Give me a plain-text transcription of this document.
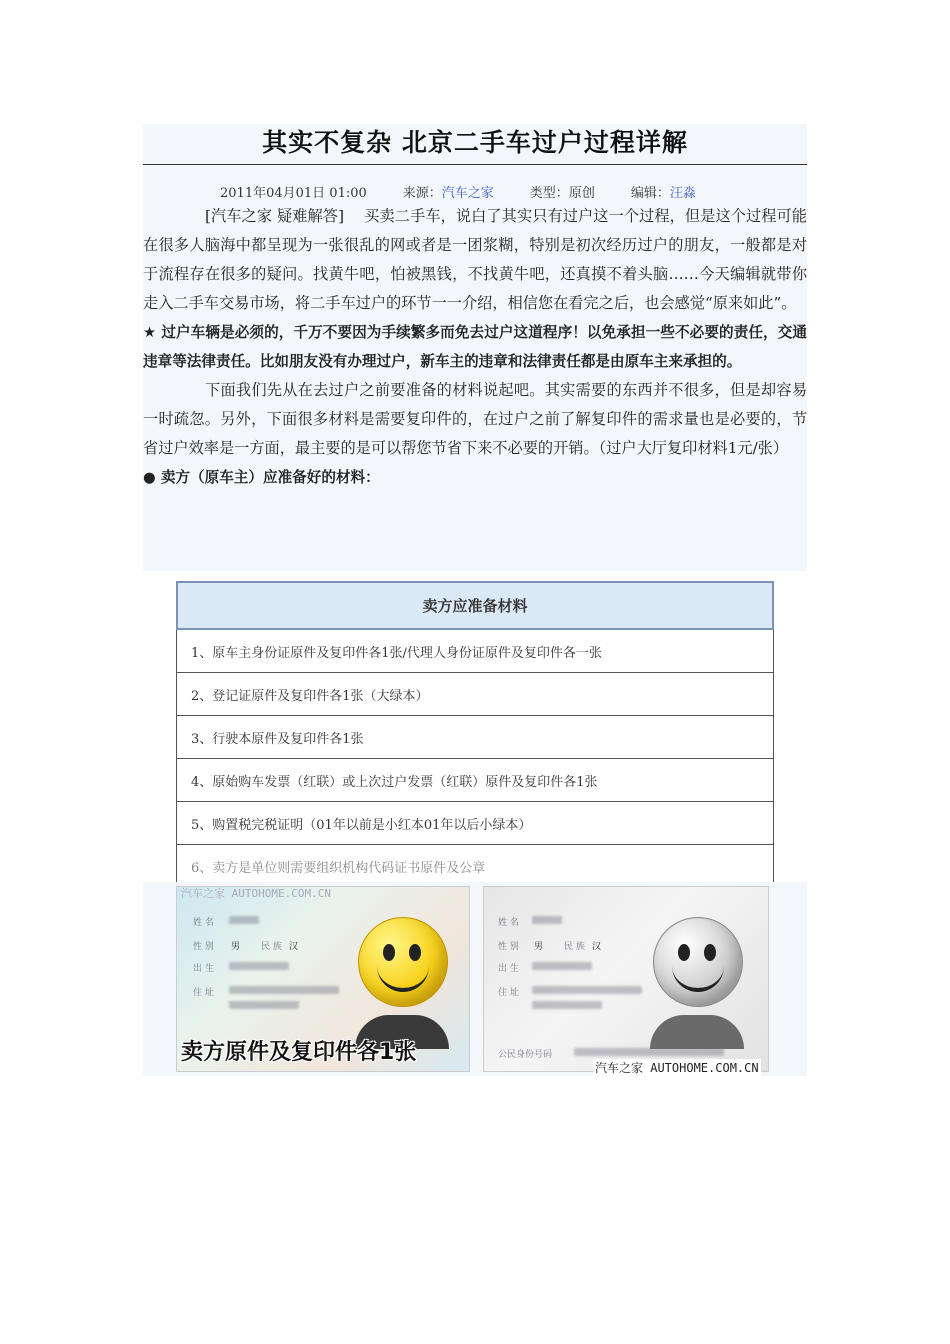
其实不复杂 北京二手车过户过程详解
2011年04月01日 01:00	来源：汽车之家	类型：原创	编辑：汪淼

[汽车之家 疑难解答]　 买卖二手车，说白了其实只有过户这一个过程，但是这个过程可能在很多人脑海中都呈现为一张很乱的网或者是一团浆糊，特别是初次经历过户的朋友，一般都是对于流程存在很多的疑问。找黄牛吧，怕被黑钱，不找黄牛吧，还真摸不着头脑……今天编辑就带你走入二手车交易市场，将二手车过户的环节一一介绍，相信您在看完之后，也会感觉“原来如此”。

★ 过户车辆是必须的，千万不要因为手续繁多而免去过户这道程序！以免承担一些不必要的责任，交通违章等法律责任。比如朋友没有办理过户，新车主的违章和法律责任都是由原车主来承担的。

下面我们先从在去过户之前要准备的材料说起吧。其实需要的东西并不很多，但是却容易一时疏忽。另外，下面很多材料是需要复印件的，在过户之前了解复印件的需求量也是必要的，节省过户效率是一方面，最主要的是可以帮您节省下来不必要的开销。（过户大厅复印材料1元/张）

● 卖方（原车主）应准备好的材料：

卖方应准备材料
1、原车主身份证原件及复印件各1张/代理人身份证原件及复印件各一张
2、登记证原件及复印件各1张（大绿本）
3、行驶本原件及复印件各1张
4、原始购车发票（红联）或上次过户发票（红联）原件及复印件各1张
5、购置税完税证明（01年以前是小红本01年以后小绿本）
6、卖方是单位则需要组织机构代码证书原件及公章
汽车之家 AUTOHOME.COM.CN
姓 名
性 别 男 民 族 汉
出 生
住 址
卖方原件及复印件各1张
姓 名
性 别 男 民 族 汉
出 生
住 址
公民身份号码
汽车之家 AUTOHOME.COM.CN
